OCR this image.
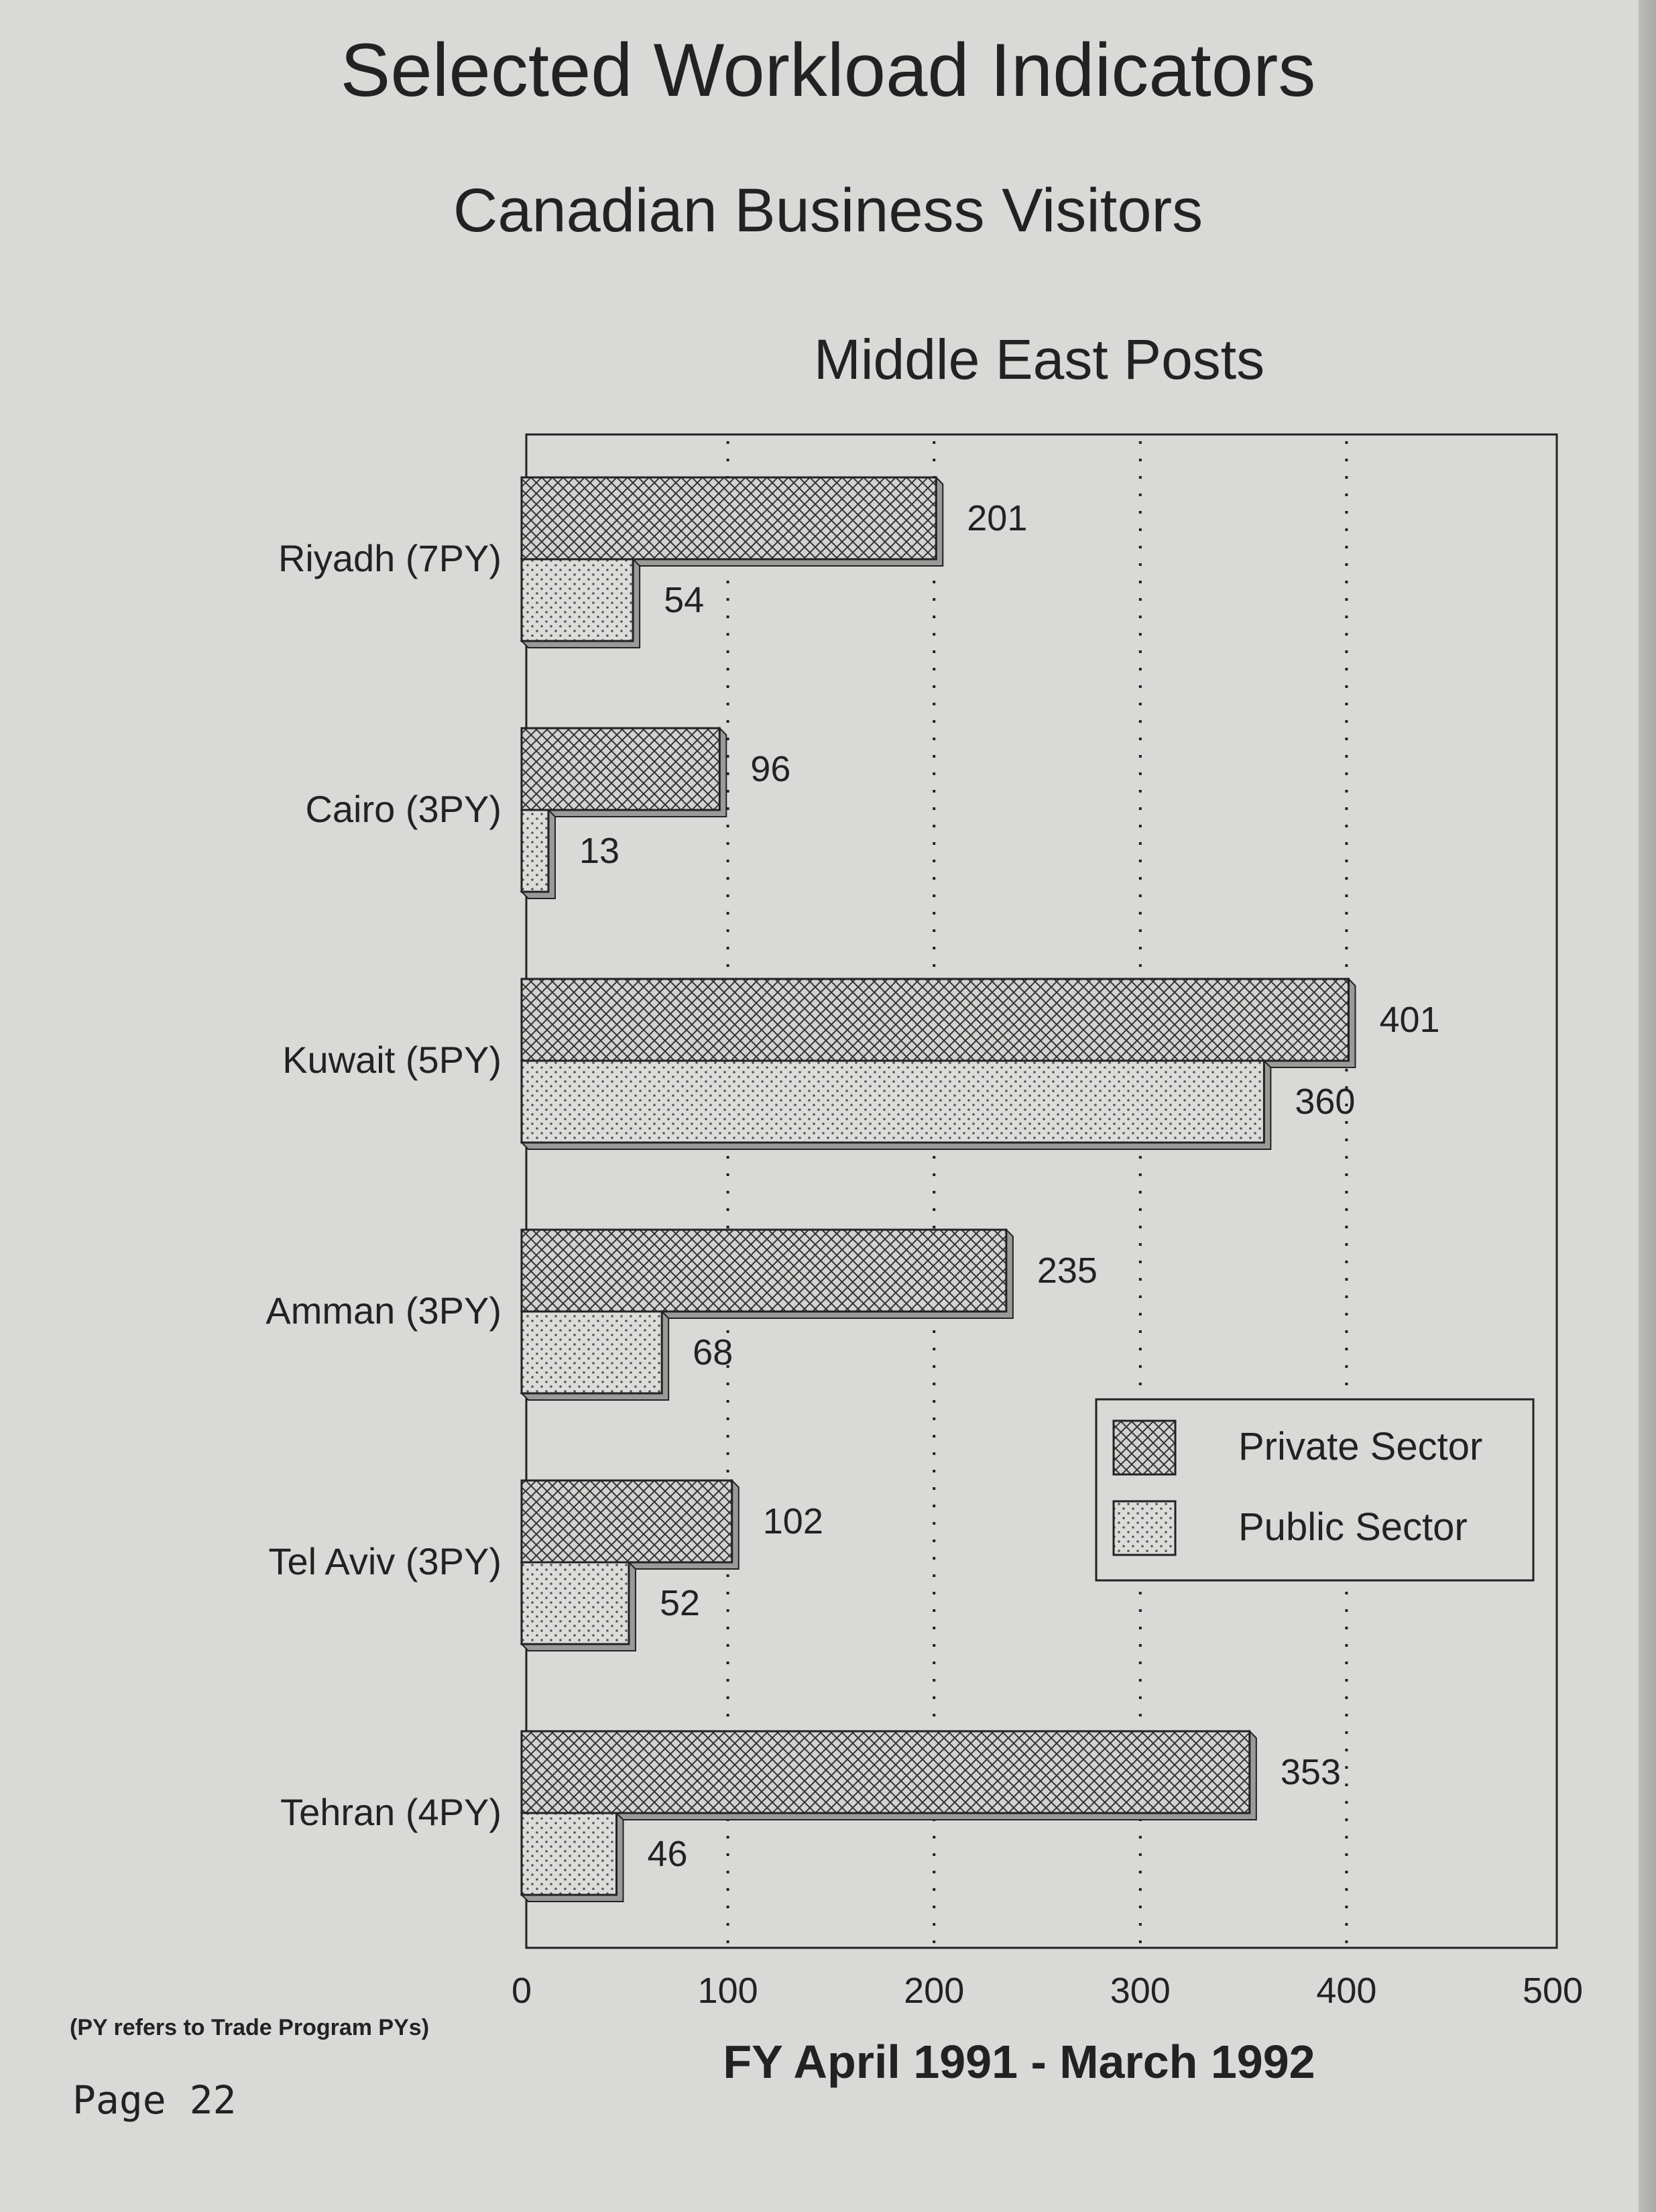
Selected Workload Indicators
Canadian Business Visitors
Middle East Posts
Riyadh (7PY)
201
54
Cairo (3PY)
96
13
Kuwait (5PY)
401
360
Amman (3PY)
235
68
Tel Aviv (3PY)
102
52
Tehran (4PY)
353
46
0	100	200	300	400	500
Private Sector
Public Sector
(PY refers to Trade Program PYs)
Page 22
FY April 1991 - March 1992
